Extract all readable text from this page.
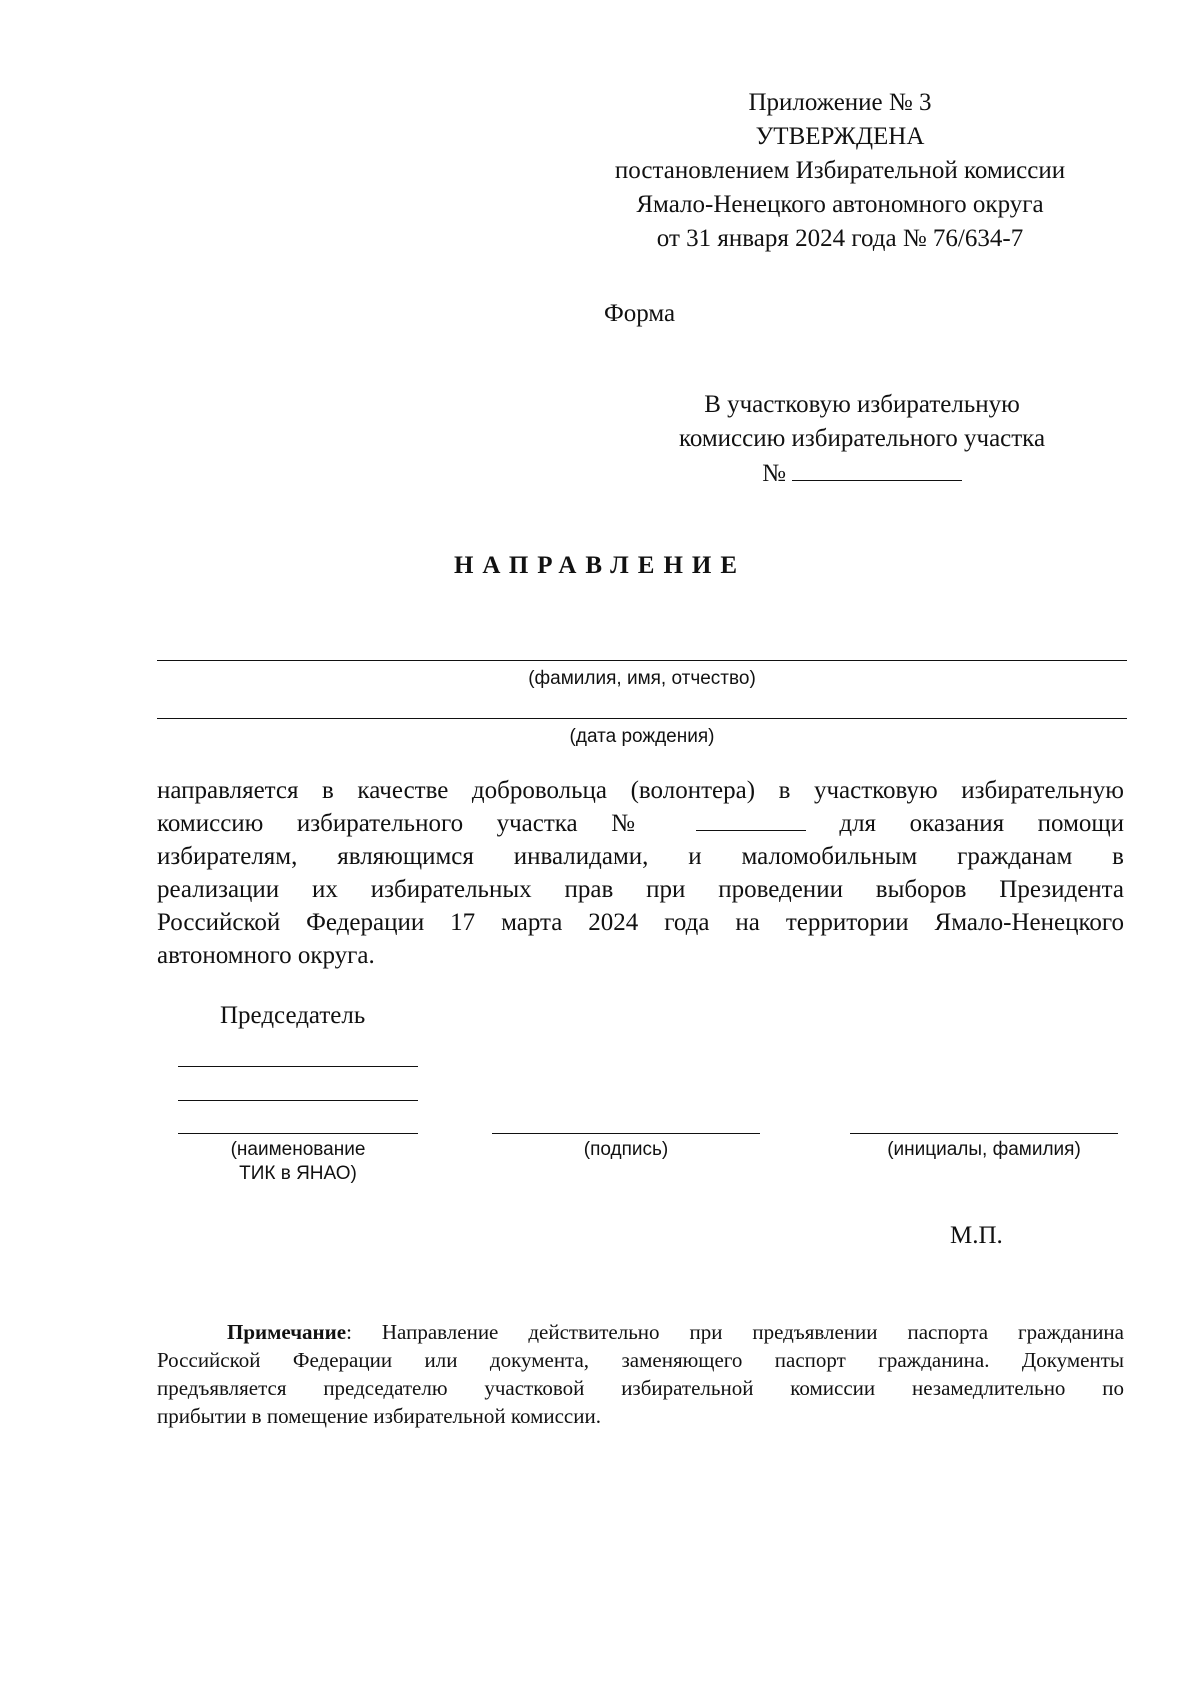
Приложение № 3
УТВЕРЖДЕНА
постановлением Избирательной комиссии
Ямало-Ненецкого автономного округа
от 31 января 2024 года № 76/634-7
Форма
В участковую избирательную
комиссию избирательного участка
№
НАПРАВЛЕНИЕ
(фамилия, имя, отчество)
(дата рождения)
направляется в качестве добровольца (волонтера) в участковую избирательную
комиссию избирательного участка №	для оказания помощи
избирателям, являющимся инвалидами, и маломобильным гражданам в
реализации их избирательных прав при проведении выборов Президента
Российской Федерации 17 марта 2024 года на территории Ямало-Ненецкого
автономного округа.
Председатель
(наименование
ТИК в ЯНАО)
(подпись)	(инициалы, фамилия)
М.П.
Примечание: Направление действительно при предъявлении паспорта гражданина
Российской Федерации или документа, заменяющего паспорт гражданина. Документы
предъявляется председателю участковой избирательной комиссии незамедлительно по
прибытии в помещение избирательной комиссии.
